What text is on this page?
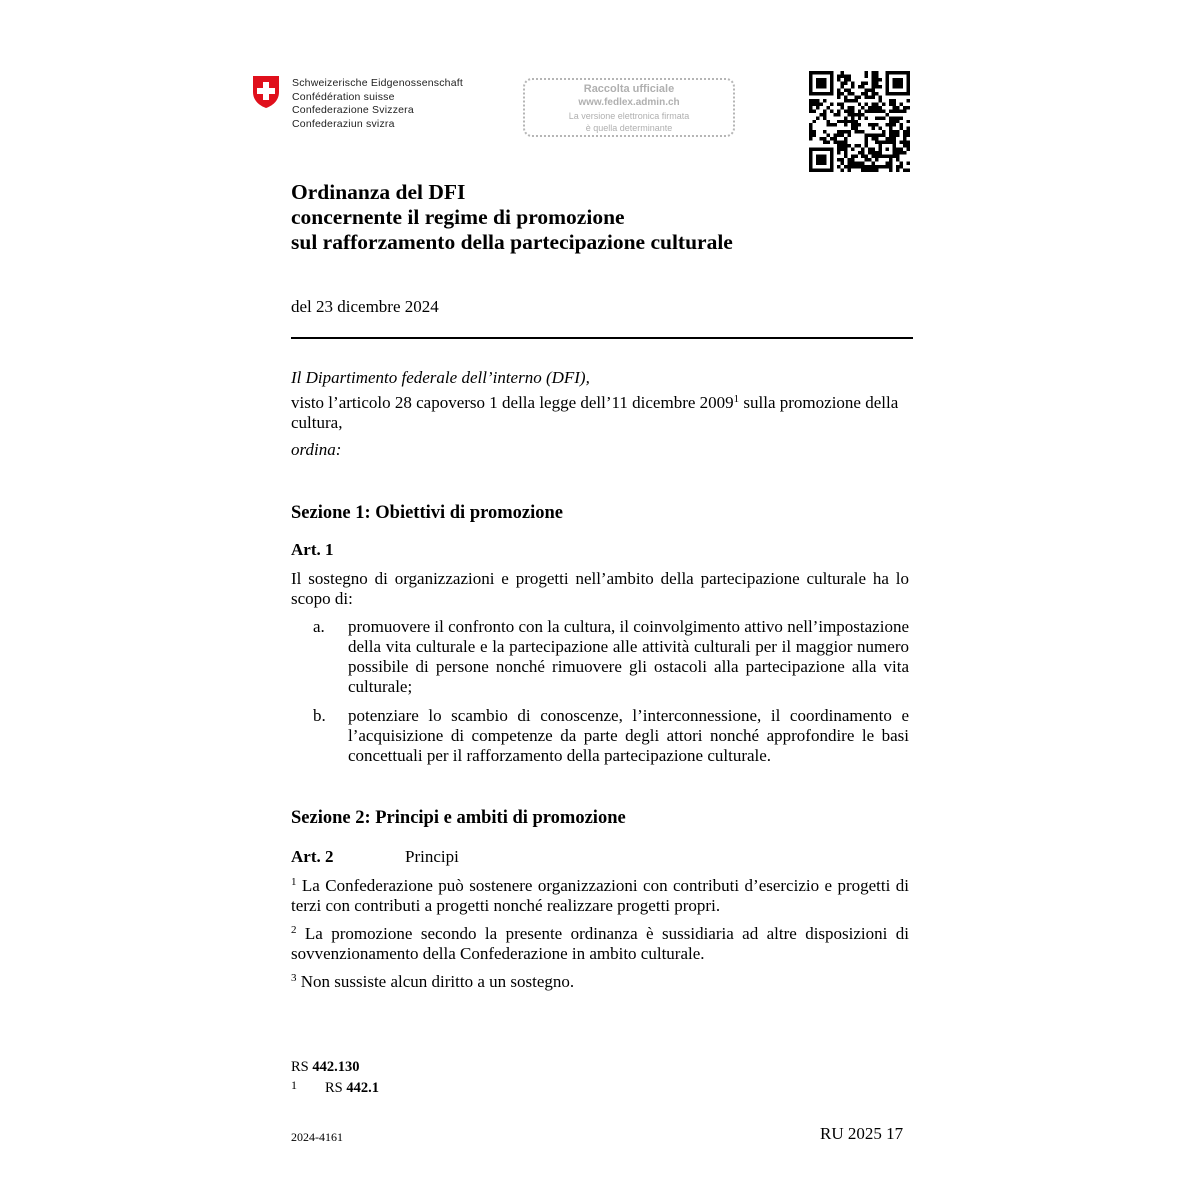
Schweizerische Eidgenossenschaft
Confédération suisse
Confederazione Svizzera
Confederaziun svizra
Raccolta ufficiale
www.fedlex.admin.ch
La versione elettronica firmata
è quella determinante
Ordinanza del DFI
concernente il regime di promozione
sul rafforzamento della partecipazione culturale
del 23 dicembre 2024
Il Dipartimento federale dell’interno (DFI),
visto l’articolo 28 capoverso 1 della legge dell’11 dicembre 2009$^1$ sulla promozione della cultura,
ordina:
Sezione 1: Obiettivi di promozione
Art. 1
Il sostegno di organizzazioni e progetti nell’ambito della partecipazione culturale ha lo scopo di:
a. promuovere il confronto con la cultura, il coinvolgimento attivo nell’impostazione della vita culturale e la partecipazione alle attività culturali per il maggior numero possibile di persone nonché rimuovere gli ostacoli alla partecipazione alla vita culturale;
b. potenziare lo scambio di conoscenze, l’interconnessione, il coordinamento e l’acquisizione di competenze da parte degli attori nonché approfondire le basi concettuali per il rafforzamento della partecipazione culturale.
Sezione 2: Principi e ambiti di promozione
Art. 2	Principi
$^1$ La Confederazione può sostenere organizzazioni con contributi d’esercizio e progetti di terzi con contributi a progetti nonché realizzare progetti propri.
$^2$ La promozione secondo la presente ordinanza è sussidiaria ad altre disposizioni di sovvenzionamento della Confederazione in ambito culturale.
$^3$ Non sussiste alcun diritto a un sostegno.
RS 442.130
1 RS 442.1
2024-4161	RU 2025 17
